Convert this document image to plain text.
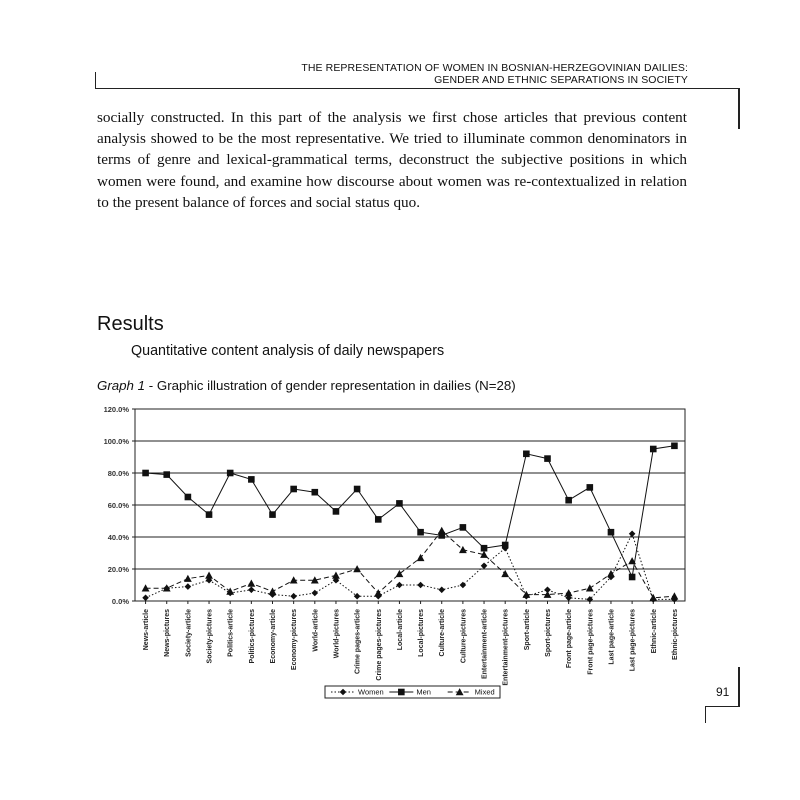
THE REPRESENTATION OF WOMEN IN BOSNIAN-HERZEGOVINIAN DAILIES:
GENDER AND ETHNIC SEPARATIONS IN SOCIETY

socially constructed. In this part of the analysis we first chose articles that previous content analysis showed to be the most representative. We tried to illuminate common denominators in terms of genre and lexical-grammatical terms, deconstruct the subjective positions in which women were found, and examine how discourse about women was re-contextualized in relation to the present balance of forces and social status quo.

Results
Quantitative content analysis of daily newspapers

Graph 1 - Graphic illustration of gender representation in dailies (N=28)

0.0%
20.0%
40.0%
60.0%
80.0%
100.0%
120.0%
News-article News-pictures Society-article Society-pictures Politics-article Politics-pictures Economy-article Economy-pictures World-article World-pictures Crime pages-article Crime pages-pictures Local-article Local-pictures Culture-article Culture-pictures Entertainment-article Entertainment-pictures Sport-article Sport-pictures Front page-article Front page-pictures Last page-article Last page-pictures Ethnic-article Ethnic-pictures
Women	Men	Mixed	91
